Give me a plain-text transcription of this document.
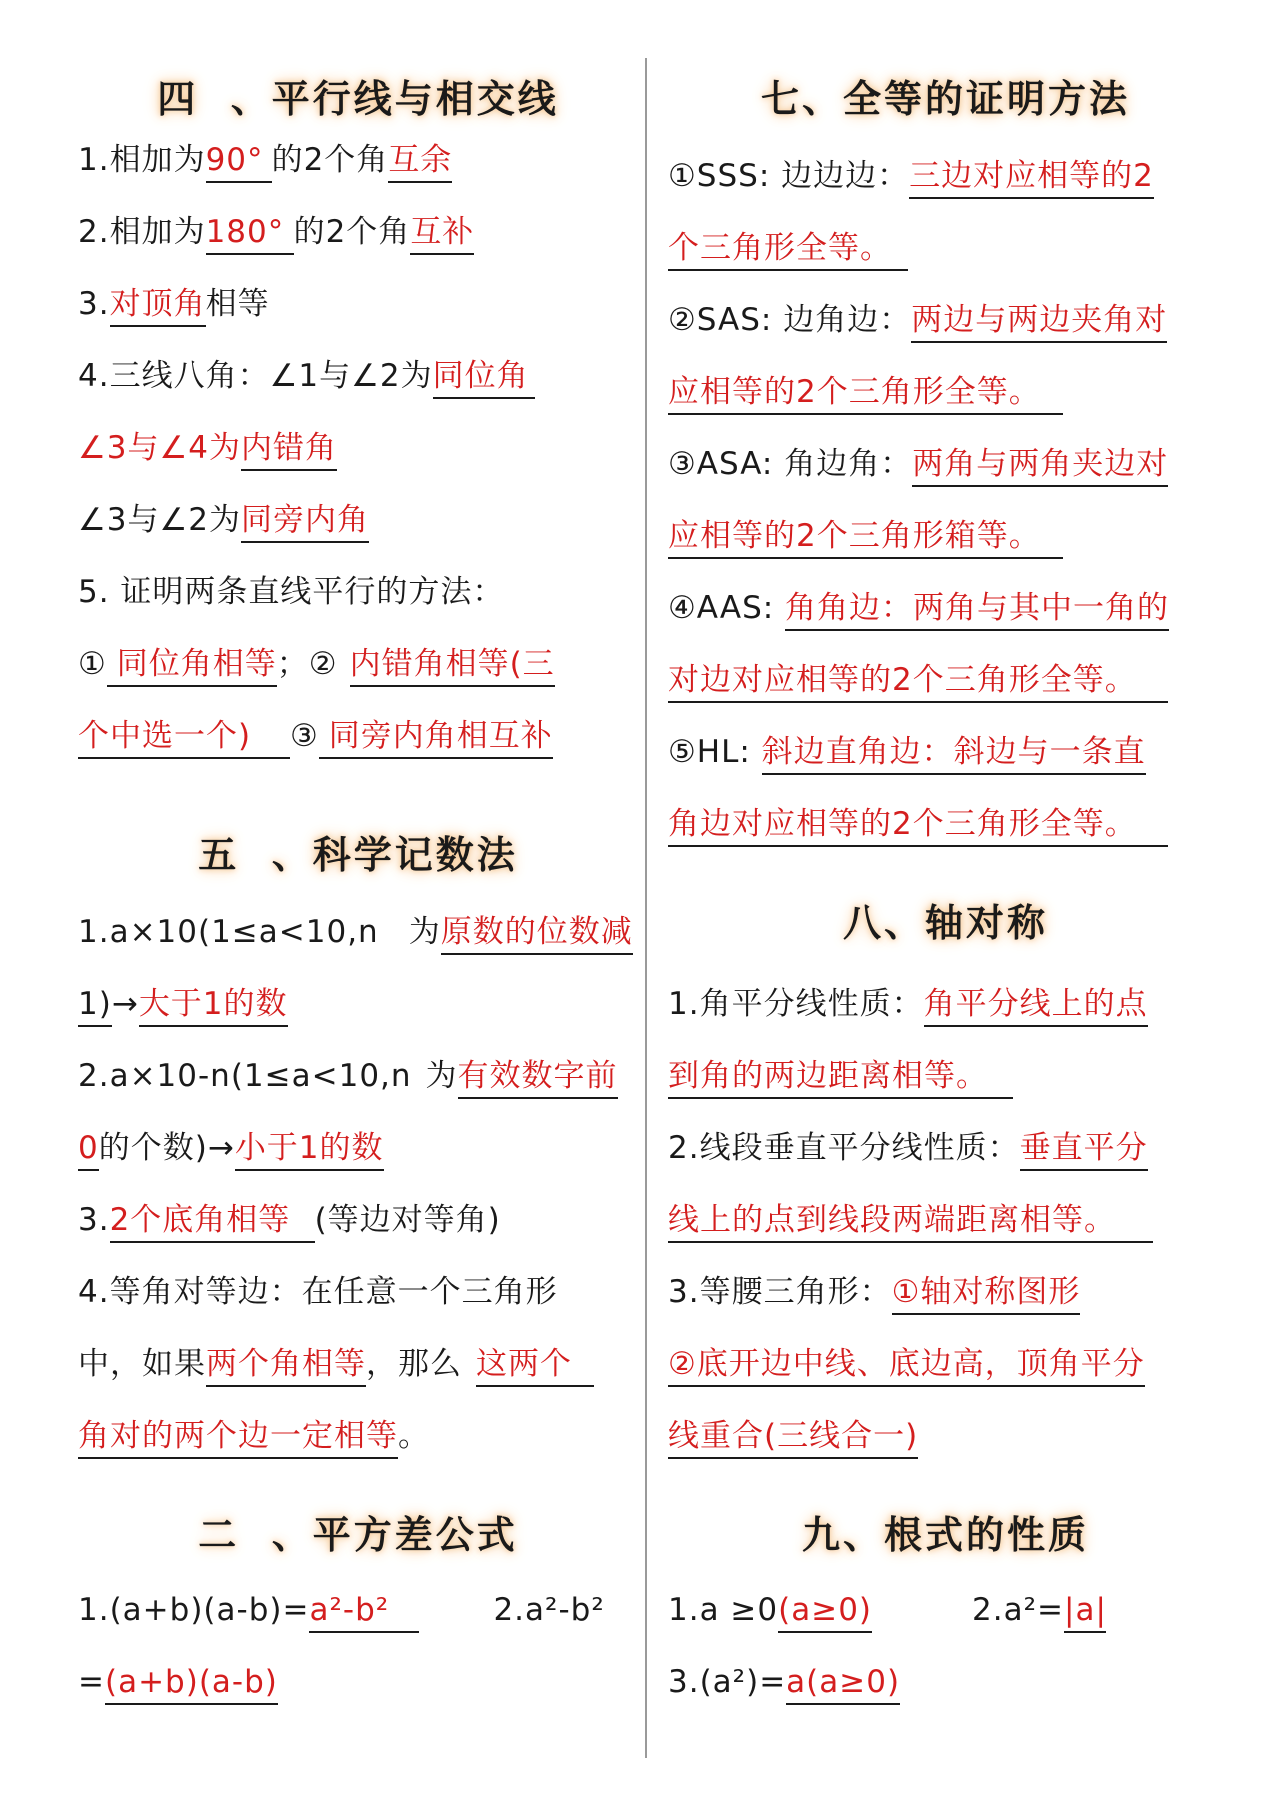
四  、平行线与相交线
1.相加为90° 的2个角互余
2.相加为180° 的2个角互补
3.对顶角相等
4.三线八角：∠1与∠2为同位角
∠3与∠4为内错角
∠3与∠2为同旁内角
5. 证明两条直线平行的方法：
① 同位角相等；② 内错角相等(三
个中选一个) ③ 同旁内角相互补
五  、科学记数法
1.a×10(1≤a<10,n 为原数的位数减
1)→大于1的数
2.a×10-n(1≤a<10,n 为有效数字前
0的个数)→小于1的数
3.2个底角相等 (等边对等角)
4.等角对等边：在任意一个三角形
中，如果两个角相等，那么 这两个
角对的两个边一定相等。
二  、平方差公式
1.(a+b)(a-b)=a²-b²	2.a²-b²
=(a+b)(a-b)
七、全等的证明方法
①SSS: 边边边：三边对应相等的2
个三角形全等。
②SAS: 边角边：两边与两边夹角对
应相等的2个三角形全等。
③ASA: 角边角：两角与两角夹边对
应相等的2个三角形箱等。
④AAS: 角角边：两角与其中一角的
对边对应相等的2个三角形全等。
⑤HL: 斜边直角边：斜边与一条直
角边对应相等的2个三角形全等。
八、轴对称
1.角平分线性质：角平分线上的点
到角的两边距离相等。
2.线段垂直平分线性质：垂直平分
线上的点到线段两端距离相等。
3.等腰三角形：①轴对称图形
②底开边中线、底边高，顶角平分
线重合(三线合一)
九、根式的性质
1.a ≥0(a≥0)	2.a²=|a|
3.(a²)=a(a≥0)
